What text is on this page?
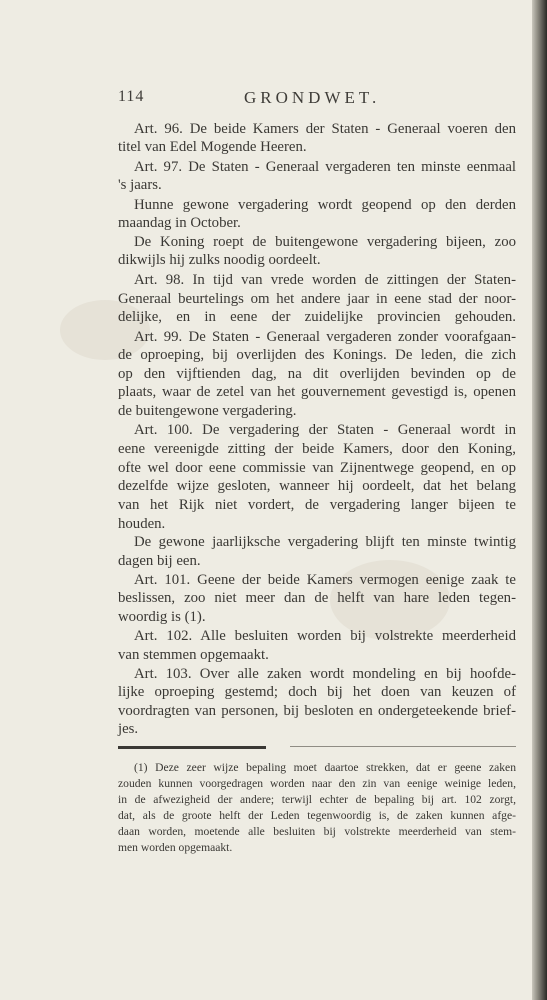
114	GRONDWET.
Art. 96. De beide Kamers der Staten - Generaal voeren den
titel van Edel Mogende Heeren.
Art. 97. De Staten - Generaal vergaderen ten minste eenmaal
's jaars.
Hunne gewone vergadering wordt geopend op den derden
maandag in October.
De Koning roept de buitengewone vergadering bijeen, zoo
dikwijls hij zulks noodig oordeelt.
Art. 98. In tijd van vrede worden de zittingen der Staten-
Generaal beurtelings om het andere jaar in eene stad der noor-
delijke, en in eene der zuidelijke provincien gehouden.
Art. 99. De Staten - Generaal vergaderen zonder voorafgaan-
de oproeping, bij overlijden des Konings. De leden, die zich
op den vijftienden dag, na dit overlijden bevinden op de
plaats, waar de zetel van het gouvernement gevestigd is, openen
de buitengewone vergadering.
Art. 100. De vergadering der Staten - Generaal wordt in
eene vereenigde zitting der beide Kamers, door den Koning,
ofte wel door eene commissie van Zijnentwege geopend, en op
dezelfde wijze gesloten, wanneer hij oordeelt, dat het belang
van het Rijk niet vordert, de vergadering langer bijeen te
houden.
De gewone jaarlijksche vergadering blijft ten minste twintig
dagen bij een.
Art. 101. Geene der beide Kamers vermogen eenige zaak te
beslissen, zoo niet meer dan de helft van hare leden tegen-
woordig is (1).
Art. 102. Alle besluiten worden bij volstrekte meerderheid
van stemmen opgemaakt.
Art. 103. Over alle zaken wordt mondeling en bij hoofde-
lijke oproeping gestemd; doch bij het doen van keuzen of
voordragten van personen, bij besloten en ondergeteekende brief-
jes.
(1) Deze zeer wijze bepaling moet daartoe strekken, dat er geene zaken
zouden kunnen voorgedragen worden naar den zin van eenige weinige leden,
in de afwezigheid der andere; terwijl echter de bepaling bij art. 102 zorgt,
dat, als de groote helft der Leden tegenwoordig is, de zaken kunnen afge-
daan worden, moetende alle besluiten bij volstrekte meerderheid van stem-
men worden opgemaakt.
